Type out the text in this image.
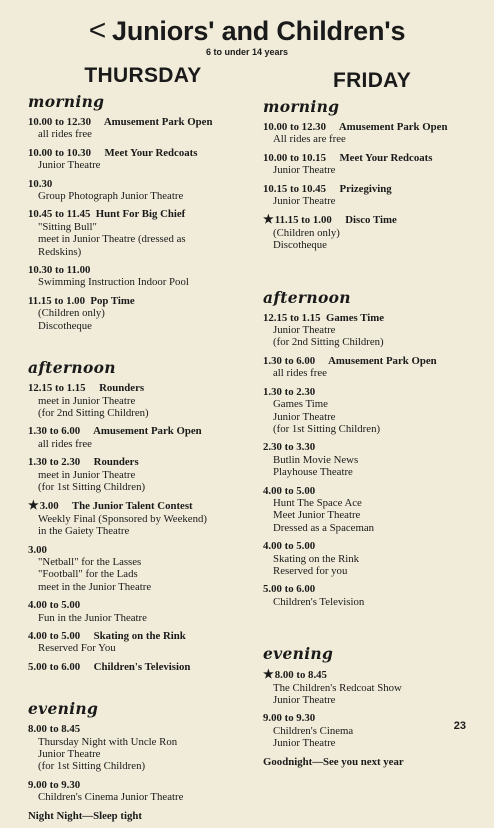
< Juniors' and Children's
6 to under 14 years
THURSDAY
morning
10.00 to 12.30     Amusement Park Open
all rides free
10.00 to 10.30     Meet Your Redcoats
Junior Theatre
10.30
Group Photograph Junior Theatre
10.45 to 11.45  Hunt For Big Chief
"Sitting Bull"
meet in Junior Theatre (dressed as
Redskins)
10.30 to 11.00
Swimming Instruction Indoor Pool
11.15 to 1.00  Pop Time
(Children only)
Discotheque
afternoon
12.15 to 1.15     Rounders
meet in Junior Theatre
(for 2nd Sitting Children)
1.30 to 6.00     Amusement Park Open
all rides free
1.30 to 2.30     Rounders
meet in Junior Theatre
(for 1st Sitting Children)
★3.00     The Junior Talent Contest
Weekly Final (Sponsored by Weekend)
in the Gaiety Theatre
3.00
"Netball" for the Lasses
"Football" for the Lads
meet in the Junior Theatre
4.00 to 5.00
Fun in the Junior Theatre
4.00 to 5.00     Skating on the Rink
Reserved For You
5.00 to 6.00     Children's Television
evening
8.00 to 8.45
Thursday Night with Uncle Ron
Junior Theatre
(for 1st Sitting Children)
9.00 to 9.30
Children's Cinema Junior Theatre
Night Night—Sleep tight
FRIDAY
morning
10.00 to 12.30     Amusement Park Open
All rides are free
10.00 to 10.15     Meet Your Redcoats
Junior Theatre
10.15 to 10.45     Prizegiving
Junior Theatre
★11.15 to 1.00     Disco Time
(Children only)
Discotheque
afternoon
12.15 to 1.15  Games Time
Junior Theatre
(for 2nd Sitting Children)
1.30 to 6.00     Amusement Park Open
all rides free
1.30 to 2.30
Games Time
Junior Theatre
(for 1st Sitting Children)
2.30 to 3.30
Butlin Movie News
Playhouse Theatre
4.00 to 5.00
Hunt The Space Ace
Meet Junior Theatre
Dressed as a Spaceman
4.00 to 5.00
Skating on the Rink
Reserved for you
5.00 to 6.00
Children's Television
evening
★8.00 to 8.45
The Children's Redcoat Show
Junior Theatre
9.00 to 9.30
Children's Cinema
Junior Theatre
Goodnight—See you next year
23
